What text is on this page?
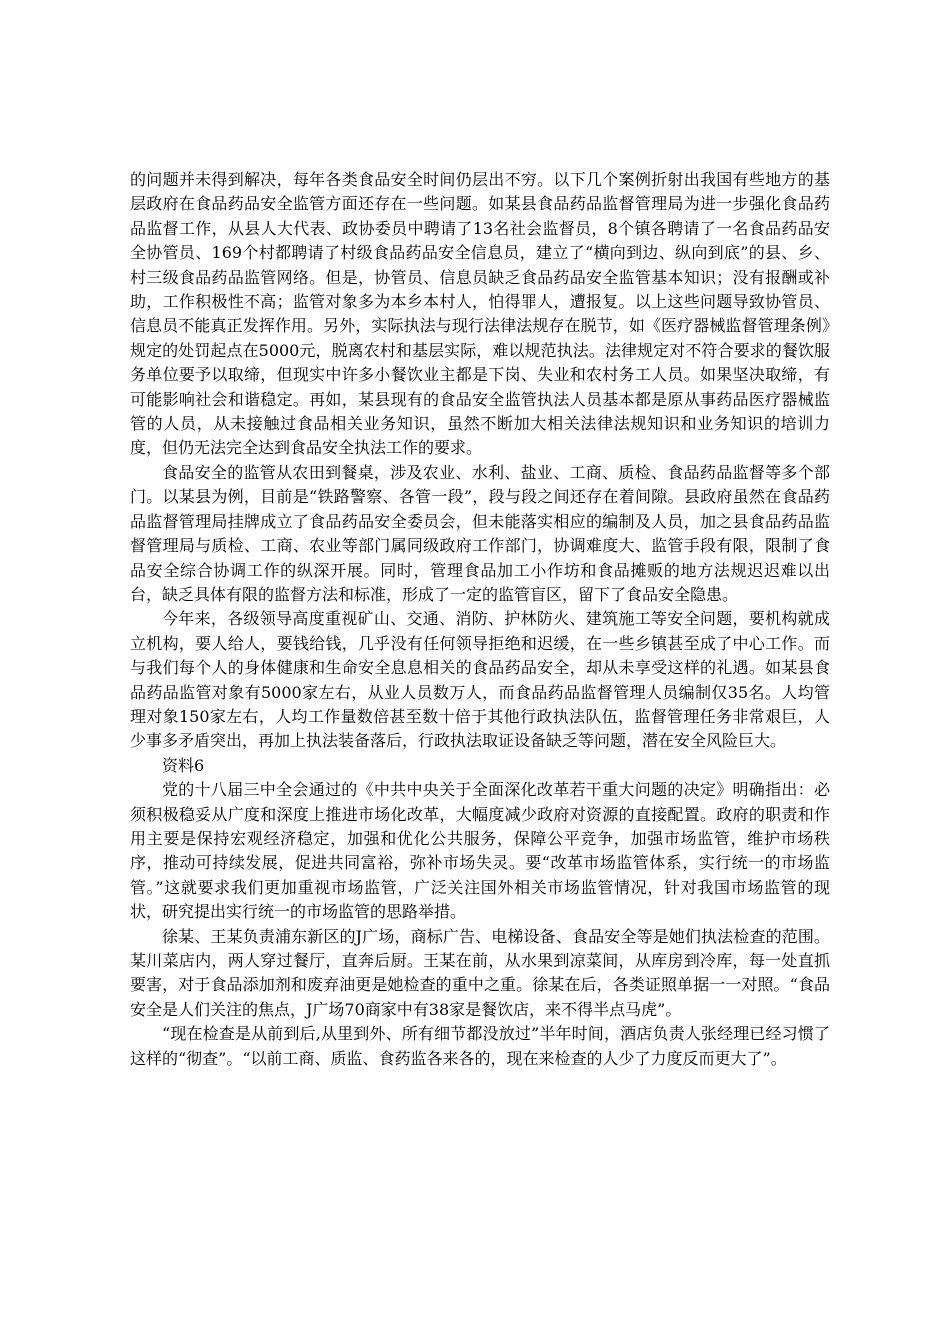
的问题并未得到解决，每年各类食品安全时间仍层出不穷。以下几个案例折射出我国有些地方的基层政府在食品药品安全监管方面还存在一些问题。如某县食品药品监督管理局为进一步强化食品药品监督工作，从县人大代表、政协委员中聘请了13名社会监督员，8个镇各聘请了一名食品药品安全协管员、169个村都聘请了村级食品药品安全信息员，建立了“横向到边、纵向到底”的县、乡、村三级食品药品监管网络。但是，协管员、信息员缺乏食品药品安全监管基本知识；没有报酬或补助，工作积极性不高；监管对象多为本乡本村人，怕得罪人，遭报复。以上这些问题导致协管员、信息员不能真正发挥作用。另外，实际执法与现行法律法规存在脱节，如《医疗器械监督管理条例》规定的处罚起点在5000元，脱离农村和基层实际，难以规范执法。法律规定对不符合要求的餐饮服务单位要予以取缔，但现实中许多小餐饮业主都是下岗、失业和农村务工人员。如果坚决取缔，有可能影响社会和谐稳定。再如，某县现有的食品安全监管执法人员基本都是原从事药品医疗器械监管的人员，从未接触过食品相关业务知识，虽然不断加大相关法律法规知识和业务知识的培训力度，但仍无法完全达到食品安全执法工作的要求。

食品安全的监管从农田到餐桌，涉及农业、水利、盐业、工商、质检、食品药品监督等多个部门。以某县为例，目前是“铁路警察、各管一段”，段与段之间还存在着间隙。县政府虽然在食品药品监督管理局挂牌成立了食品药品安全委员会，但未能落实相应的编制及人员，加之县食品药品监督管理局与质检、工商、农业等部门属同级政府工作部门，协调难度大、监管手段有限，限制了食品安全综合协调工作的纵深开展。同时，管理食品加工小作坊和食品摊贩的地方法规迟迟难以出台，缺乏具体有限的监督方法和标准，形成了一定的监管盲区，留下了食品安全隐患。

今年来，各级领导高度重视矿山、交通、消防、护林防火、建筑施工等安全问题，要机构就成立机构，要人给人，要钱给钱，几乎没有任何领导拒绝和迟缓，在一些乡镇甚至成了中心工作。而与我们每个人的身体健康和生命安全息息相关的食品药品安全，却从未享受这样的礼遇。如某县食品药品监管对象有5000家左右，从业人员数万人，而食品药品监督管理人员编制仅35名。人均管理对象150家左右，人均工作量数倍甚至数十倍于其他行政执法队伍，监督管理任务非常艰巨，人少事多矛盾突出，再加上执法装备落后，行政执法取证设备缺乏等问题，潜在安全风险巨大。

资料6

党的十八届三中全会通过的《中共中央关于全面深化改革若干重大问题的决定》明确指出：必须积极稳妥从广度和深度上推进市场化改革，大幅度减少政府对资源的直接配置。政府的职责和作用主要是保持宏观经济稳定，加强和优化公共服务，保障公平竞争，加强市场监管，维护市场秩序，推动可持续发展，促进共同富裕，弥补市场失灵。要“改革市场监管体系，实行统一的市场监管。”这就要求我们更加重视市场监管，广泛关注国外相关市场监管情况，针对我国市场监管的现状，研究提出实行统一的市场监管的思路举措。

徐某、王某负责浦东新区的J广场，商标广告、电梯设备、食品安全等是她们执法检查的范围。某川菜店内，两人穿过餐厅，直奔后厨。王某在前，从水果到凉菜间，从库房到冷库，每一处直抓要害，对于食品添加剂和废弃油更是她检查的重中之重。徐某在后，各类证照单据一一对照。“食品安全是人们关注的焦点，J广场70商家中有38家是餐饮店，来不得半点马虎”。

“现在检查是从前到后,从里到外、所有细节都没放过”半年时间，酒店负责人张经理已经习惯了这样的“彻查”。“以前工商、质监、食药监各来各的，现在来检查的人少了力度反而更大了”。
